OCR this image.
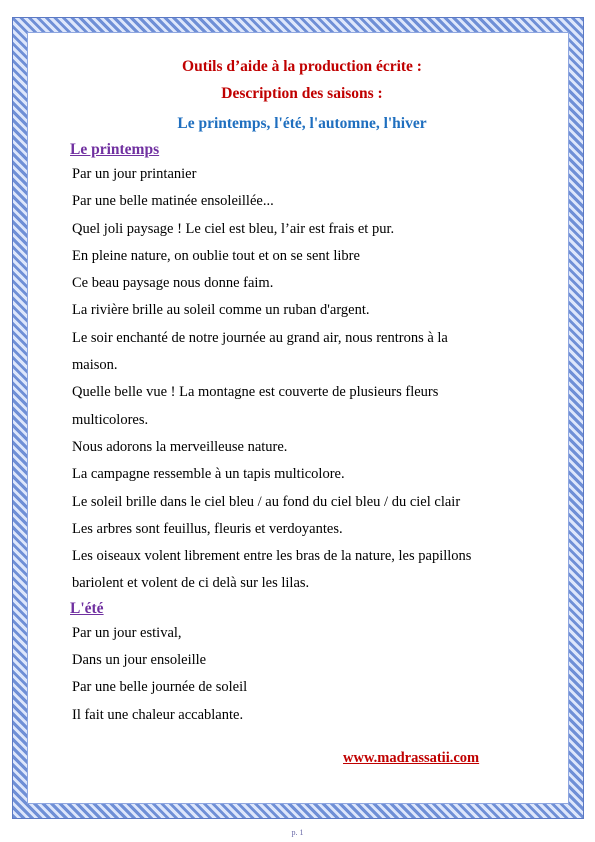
Outils d’aide à la production écrite :
Description des saisons :
Le printemps, l'été, l'automne, l'hiver
Le printemps
Par un jour printanier
Par une belle matinée ensoleillée...
Quel joli paysage ! Le ciel est bleu, l’air est frais et pur.
En pleine nature, on oublie tout et on se sent libre
Ce beau paysage nous donne faim.
La rivière brille au soleil comme un ruban d'argent.
Le soir enchanté de notre journée au grand air, nous rentrons à la
maison.
Quelle belle vue ! La montagne est couverte de plusieurs fleurs
multicolores.
Nous adorons la merveilleuse nature.
La campagne ressemble à un tapis multicolore.
Le soleil brille dans le ciel bleu / au fond du ciel bleu / du ciel clair
Les arbres sont feuillus, fleuris et verdoyantes.
Les oiseaux volent librement entre les bras de la nature, les papillons
bariolent et volent de ci delà sur les lilas.
L'été
Par un jour estival,
Dans un jour ensoleille
Par une belle journée de soleil
Il fait une chaleur accablante.
www.madrassatii.com
p. 1
